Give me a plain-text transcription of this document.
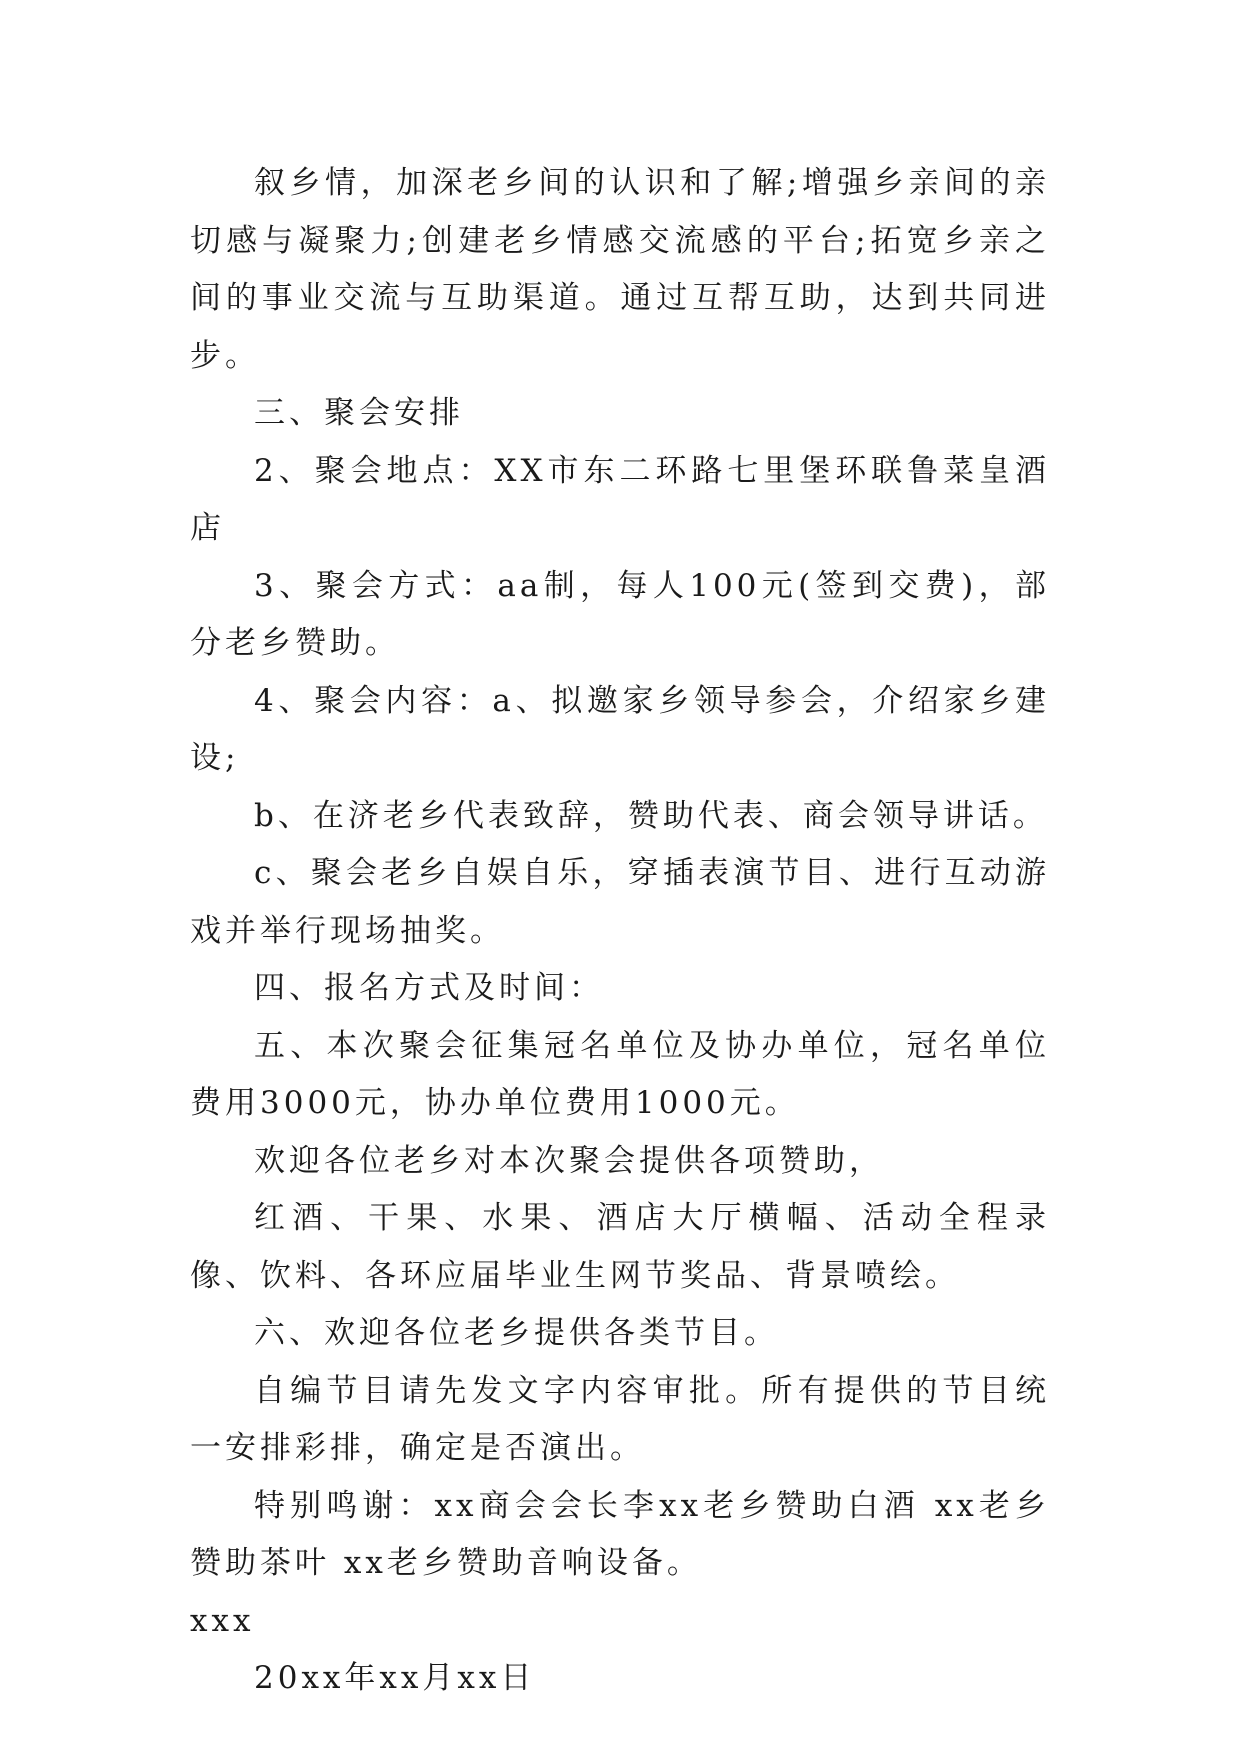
叙乡情，加深老乡间的认识和了解;增强乡亲间的亲切感与凝聚力;创建老乡情感交流感的平台;拓宽乡亲之间的事业交流与互助渠道。通过互帮互助，达到共同进步。

三、聚会安排

2、聚会地点：XX市东二环路七里堡环联鲁菜皇酒店

3、聚会方式：aa制，每人100元(签到交费)，部分老乡赞助。

4、聚会内容：a、拟邀家乡领导参会，介绍家乡建设;

b、在济老乡代表致辞，赞助代表、商会领导讲话。

c、聚会老乡自娱自乐，穿插表演节目、进行互动游戏并举行现场抽奖。

四、报名方式及时间：

五、本次聚会征集冠名单位及协办单位，冠名单位费用3000元，协办单位费用1000元。

欢迎各位老乡对本次聚会提供各项赞助，

红酒、干果、水果、酒店大厅横幅、活动全程录像、饮料、各环应届毕业生网节奖品、背景喷绘。

六、欢迎各位老乡提供各类节目。

自编节目请先发文字内容审批。所有提供的节目统一安排彩排，确定是否演出。

特别鸣谢：xx商会会长李xx老乡赞助白酒 xx老乡赞助茶叶 xx老乡赞助音响设备。

xxx

20xx年xx月xx日
